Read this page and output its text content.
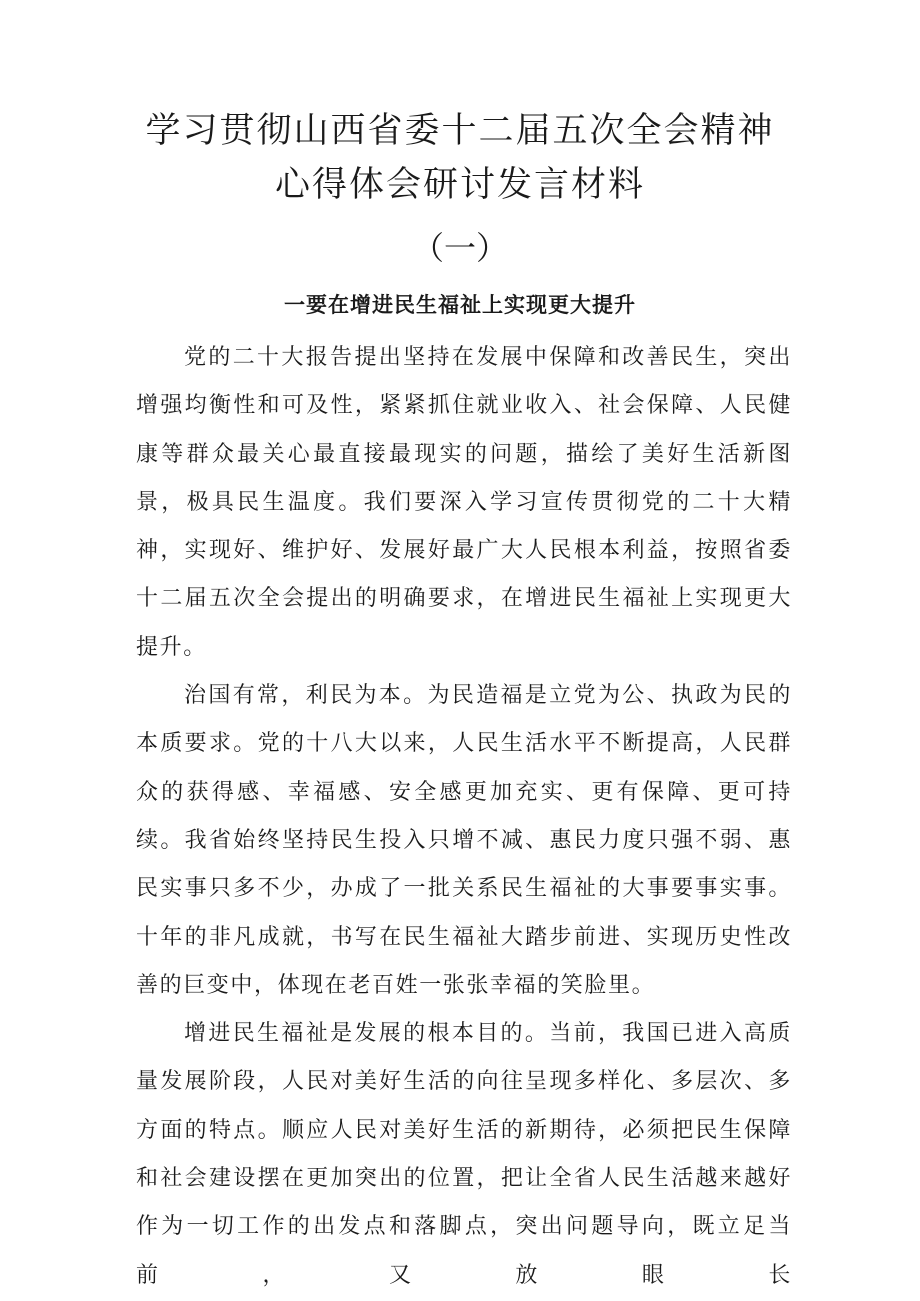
学习贯彻山西省委十二届五次全会精神心得体会研讨发言材料
（一）
一要在增进民生福祉上实现更大提升

党的二十大报告提出坚持在发展中保障和改善民生，突出增强均衡性和可及性，紧紧抓住就业收入、社会保障、人民健康等群众最关心最直接最现实的问题，描绘了美好生活新图景，极具民生温度。我们要深入学习宣传贯彻党的二十大精神，实现好、维护好、发展好最广大人民根本利益，按照省委十二届五次全会提出的明确要求，在增进民生福祉上实现更大提升。

治国有常，利民为本。为民造福是立党为公、执政为民的本质要求。党的十八大以来，人民生活水平不断提高，人民群众的获得感、幸福感、安全感更加充实、更有保障、更可持续。我省始终坚持民生投入只增不减、惠民力度只强不弱、惠民实事只多不少，办成了一批关系民生福祉的大事要事实事。十年的非凡成就，书写在民生福祉大踏步前进、实现历史性改善的巨变中，体现在老百姓一张张幸福的笑脸里。

增进民生福祉是发展的根本目的。当前，我国已进入高质量发展阶段，人民对美好生活的向往呈现多样化、多层次、多方面的特点。顺应人民对美好生活的新期待，必须把民生保障和社会建设摆在更加突出的位置，把让全省人民生活越来越好作为一切工作的出发点和落脚点，突出问题导向，既立足当前，又放眼长
